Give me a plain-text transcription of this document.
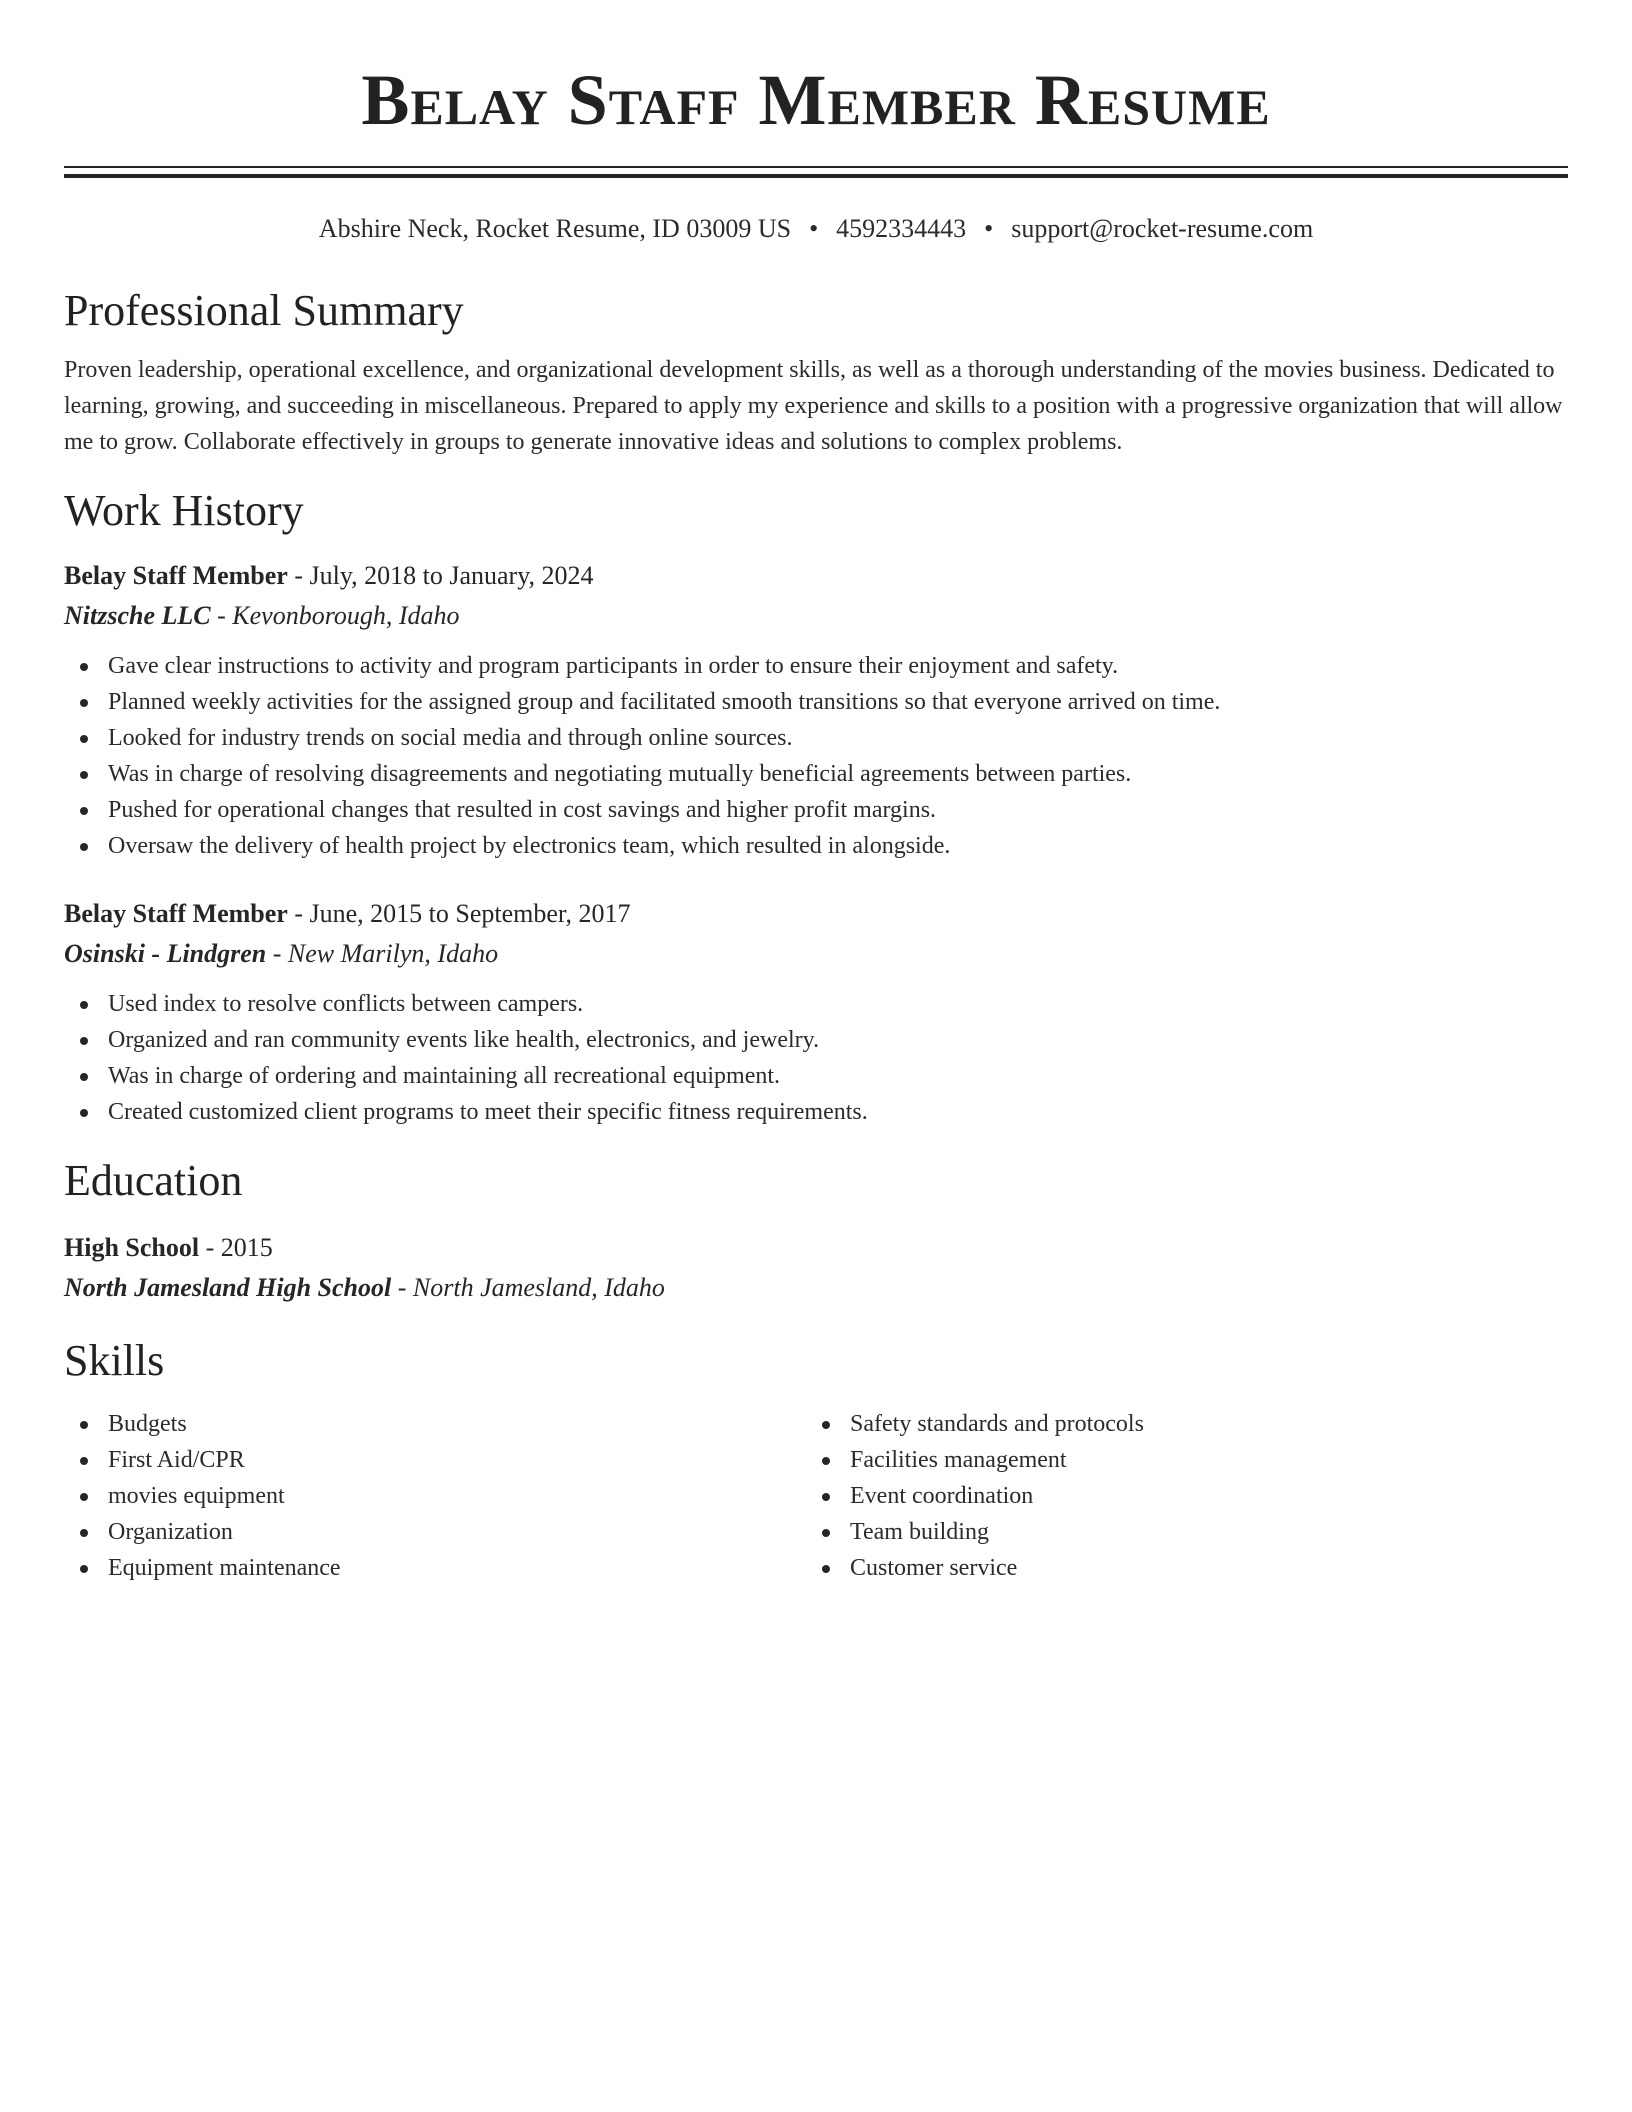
Belay Staff Member Resume
Abshire Neck, Rocket Resume, ID 03009 US • 4592334443 • support@rocket-resume.com
Professional Summary

Proven leadership, operational excellence, and organizational development skills, as well as a thorough understanding of the movies business. Dedicated to learning, growing, and succeeding in miscellaneous. Prepared to apply my experience and skills to a position with a progressive organization that will allow me to grow. Collaborate effectively in groups to generate innovative ideas and solutions to complex problems.

Work History
Belay Staff Member - July, 2018 to January, 2024
Nitzsche LLC - Kevonborough, Idaho
Gave clear instructions to activity and program participants in order to ensure their enjoyment and safety.
Planned weekly activities for the assigned group and facilitated smooth transitions so that everyone arrived on time.
Looked for industry trends on social media and through online sources.
Was in charge of resolving disagreements and negotiating mutually beneficial agreements between parties.
Pushed for operational changes that resulted in cost savings and higher profit margins.
Oversaw the delivery of health project by electronics team, which resulted in alongside.
Belay Staff Member - June, 2015 to September, 2017
Osinski - Lindgren - New Marilyn, Idaho
Used index to resolve conflicts between campers.
Organized and ran community events like health, electronics, and jewelry.
Was in charge of ordering and maintaining all recreational equipment.
Created customized client programs to meet their specific fitness requirements.
Education
High School - 2015
North Jamesland High School - North Jamesland, Idaho
Skills
Budgets
First Aid/CPR
movies equipment
Organization
Equipment maintenance
Safety standards and protocols
Facilities management
Event coordination
Team building
Customer service
